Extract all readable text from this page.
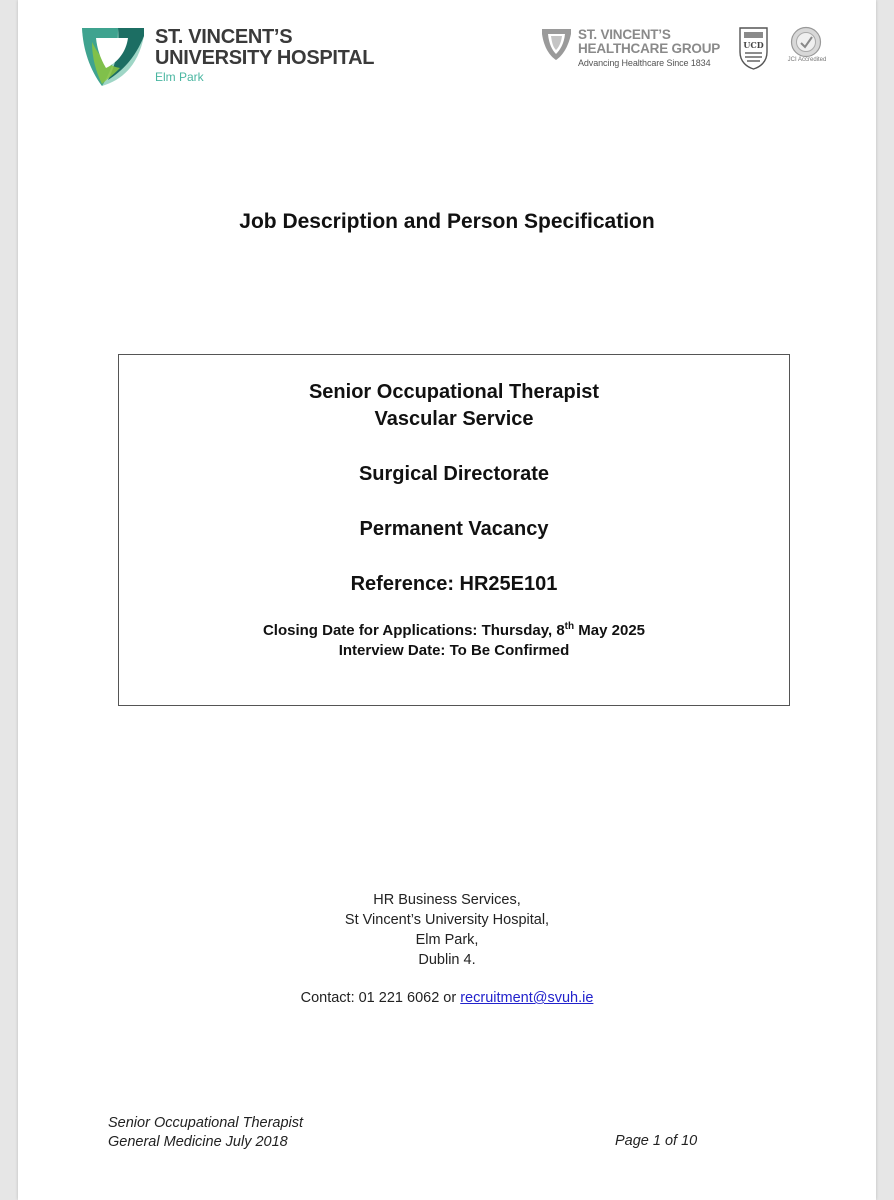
ST. VINCENT’S
UNIVERSITY HOSPITAL
Elm Park
ST. VINCENT’S
HEALTHCARE GROUP
Advancing Healthcare Since 1834
UCD
JCI Accredited
Job Description and Person Specification
Senior Occupational Therapist
Vascular Service
Surgical Directorate
Permanent Vacancy
Reference: HR25E101
Closing Date for Applications: Thursday, 8th May 2025
Interview Date: To Be Confirmed
HR Business Services,
St Vincent’s University Hospital,
Elm Park,
Dublin 4.
Contact: 01 221 6062 or recruitment@svuh.ie
Senior Occupational Therapist
General Medicine July 2018	Page 1 of 10
